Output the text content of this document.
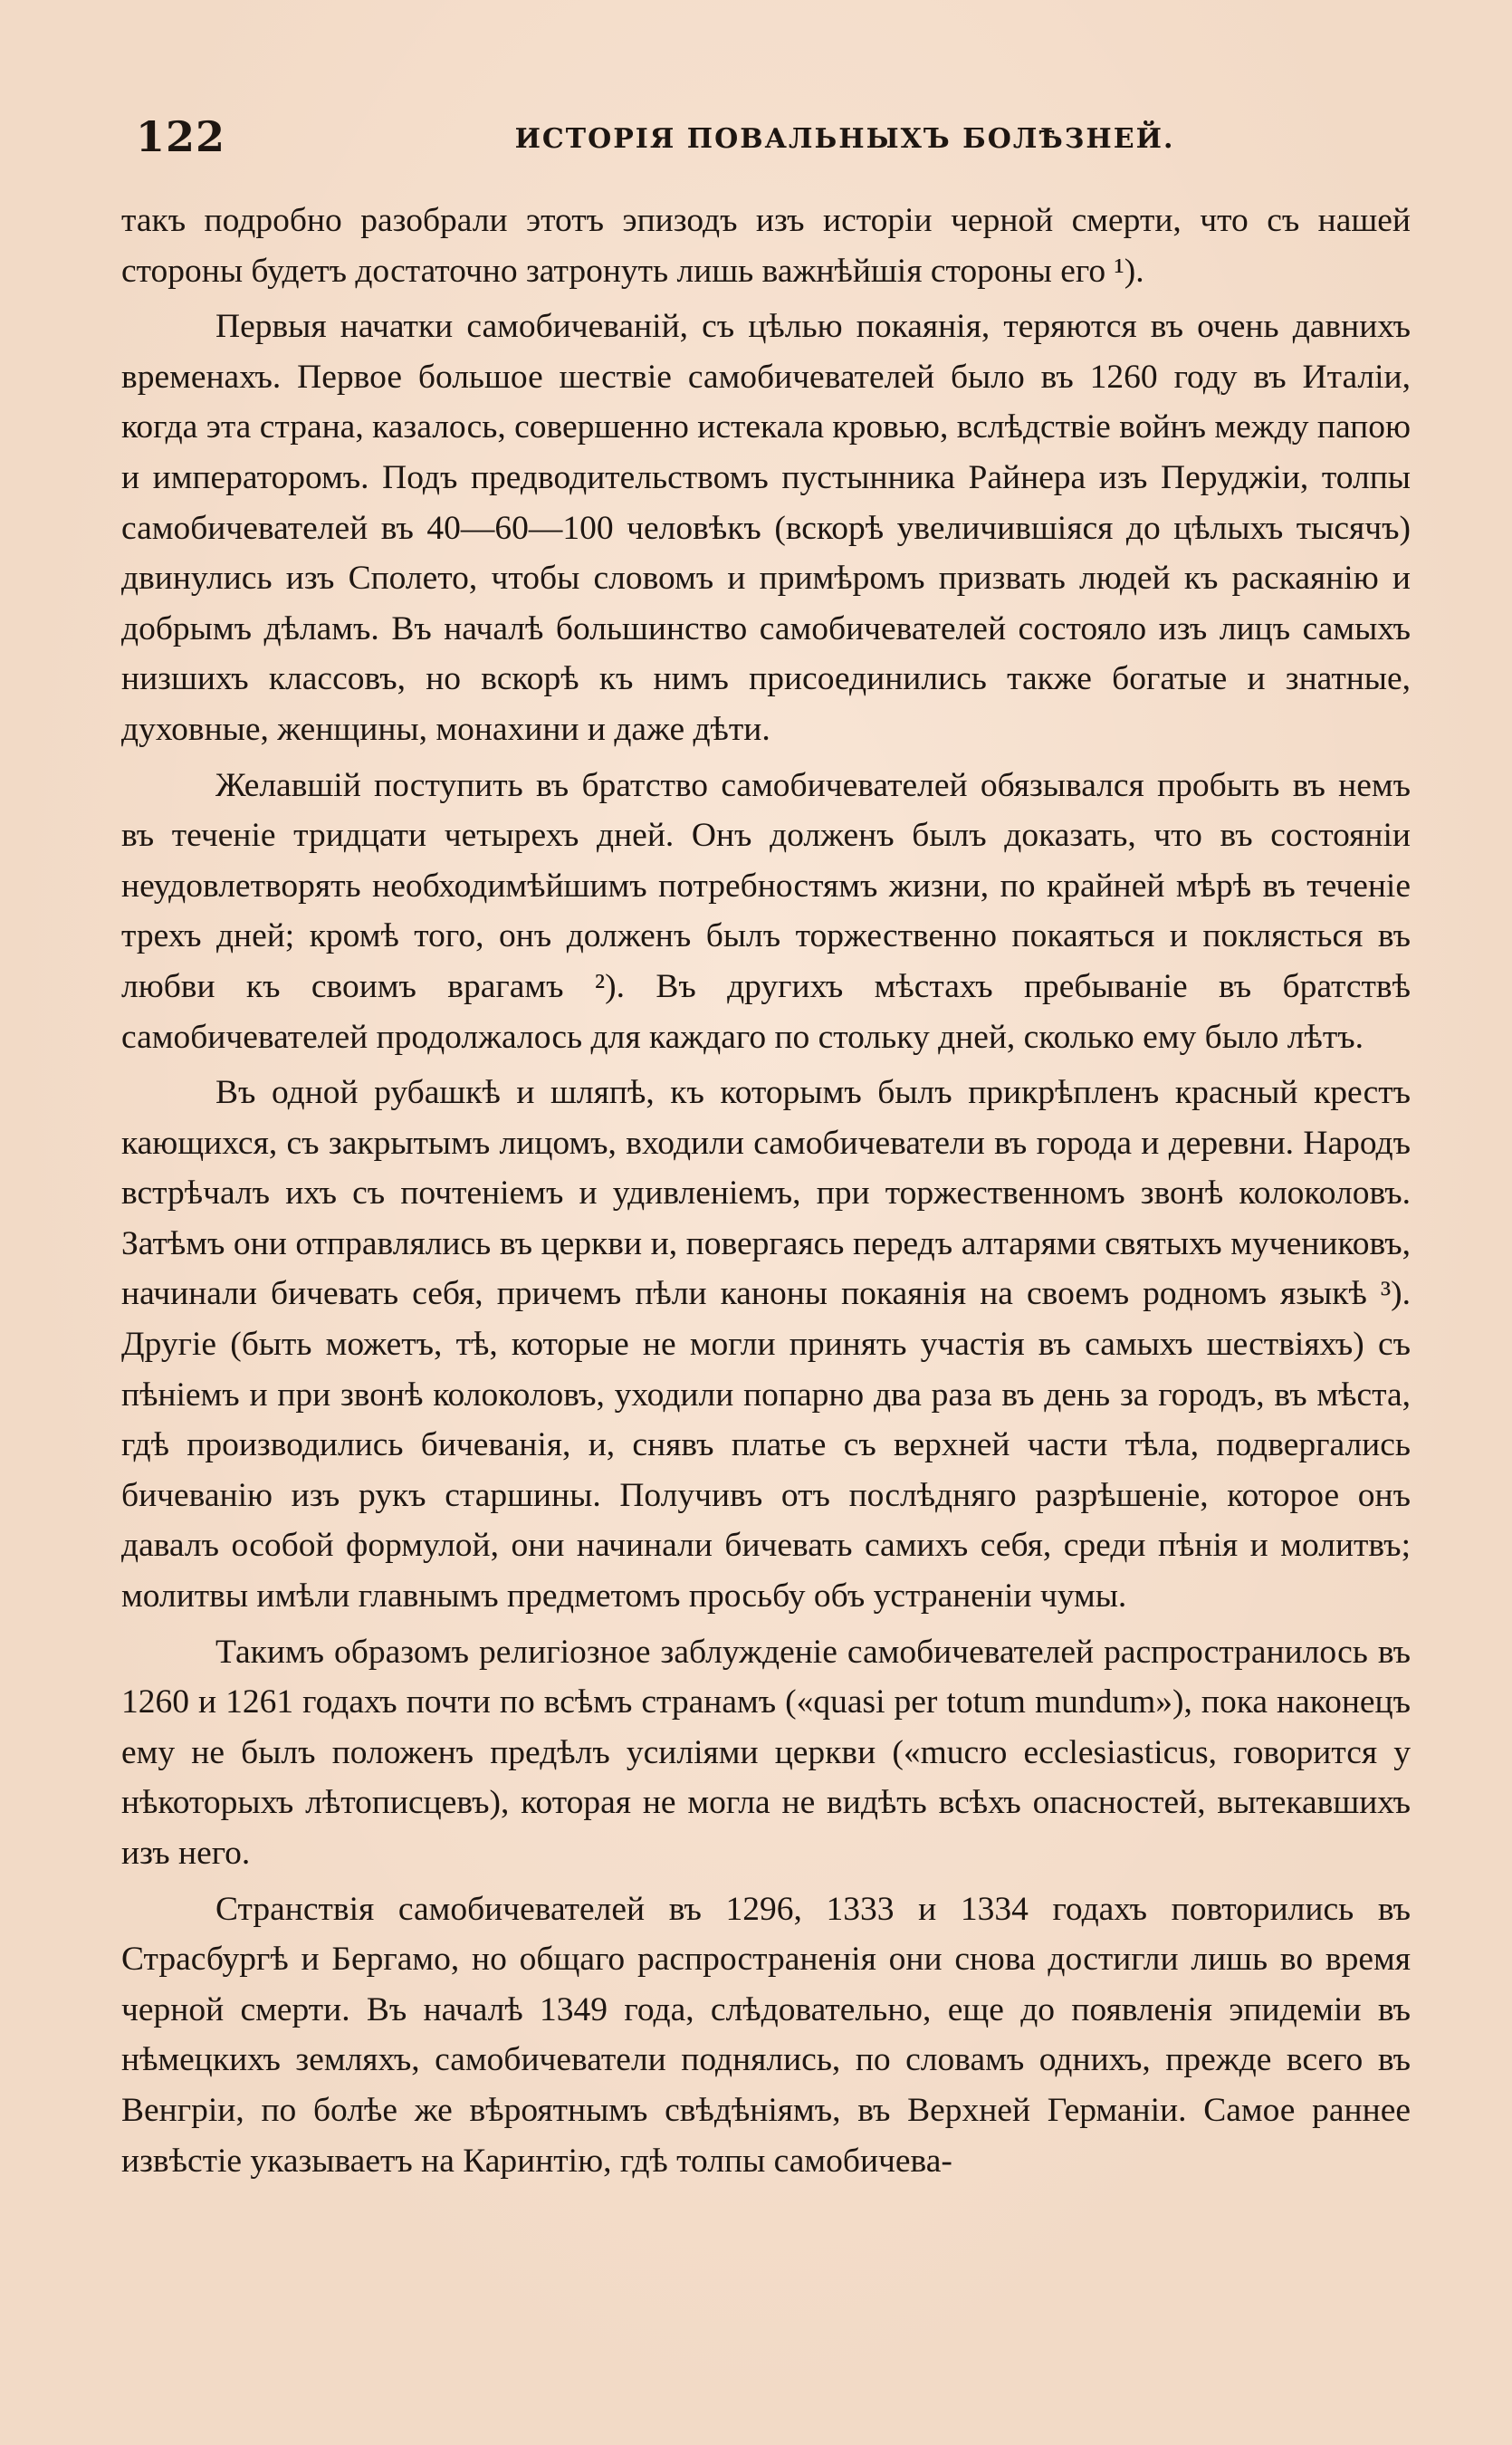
122	ИСТОРІЯ ПОВАЛЬНЫХЪ БОЛѢЗНЕЙ.

такъ подробно разобрали этотъ эпизодъ изъ исторіи черной смерти, что съ нашей стороны будетъ достаточно затронуть лишь важнѣйшія стороны его ¹).

Первыя начатки самобичеваній, съ цѣлью покаянія, теряются въ очень давнихъ временахъ. Первое большое шествіе самобичевателей было въ 1260 году въ Италіи, когда эта страна, казалось, совершенно истекала кровью, вслѣдствіе войнъ между папою и императоромъ. Подъ предводительствомъ пустынника Райнера изъ Перуджіи, толпы самобичевателей въ 40—60—100 человѣкъ (вскорѣ увеличившіяся до цѣлыхъ тысячъ) двинулись изъ Сполето, чтобы словомъ и примѣромъ призвать людей къ раскаянію и добрымъ дѣламъ. Въ началѣ большинство самобичевателей состояло изъ лицъ самыхъ низшихъ классовъ, но вскорѣ къ нимъ присоединились также богатые и знатные, духовные, женщины, монахини и даже дѣти.

Желавшій поступить въ братство самобичевателей обязывался пробыть въ немъ въ теченіе тридцати четырехъ дней. Онъ долженъ былъ доказать, что въ состояніи неудовлетворять необходимѣйшимъ потребностямъ жизни, по крайней мѣрѣ въ теченіе трехъ дней; кромѣ того, онъ долженъ былъ торжественно покаяться и поклясться въ любви къ своимъ врагамъ ²). Въ другихъ мѣстахъ пребываніе въ братствѣ самобичевателей продолжалось для каждаго по стольку дней, сколько ему было лѣтъ.

Въ одной рубашкѣ и шляпѣ, къ которымъ былъ прикрѣпленъ красный крестъ кающихся, съ закрытымъ лицомъ, входили самобичеватели въ города и деревни. Народъ встрѣчалъ ихъ съ почтеніемъ и удивленіемъ, при торжественномъ звонѣ колоколовъ. Затѣмъ они отправлялись въ церкви и, повергаясь передъ алтарями святыхъ мучениковъ, начинали бичевать себя, причемъ пѣли каноны покаянія на своемъ родномъ языкѣ ³). Другіе (быть можетъ, тѣ, которые не могли принять участія въ самыхъ шествіяхъ) съ пѣніемъ и при звонѣ колоколовъ, уходили попарно два раза въ день за городъ, въ мѣста, гдѣ производились бичеванія, и, снявъ платье съ верхней части тѣла, подвергались бичеванію изъ рукъ старшины. Получивъ отъ послѣдняго разрѣшеніе, которое онъ давалъ особой формулой, они начинали бичевать самихъ себя, среди пѣнія и молитвъ; молитвы имѣли главнымъ предметомъ просьбу объ устраненіи чумы.

Такимъ образомъ религіозное заблужденіе самобичевателей распространилось въ 1260 и 1261 годахъ почти по всѣмъ странамъ («quasi per totum mundum»), пока наконецъ ему не былъ положенъ предѣлъ усиліями церкви («mucro ecclesiasticus, говорится у нѣкоторыхъ лѣтописцевъ), которая не могла не видѣть всѣхъ опасностей, вытекавшихъ изъ него.

Странствія самобичевателей въ 1296, 1333 и 1334 годахъ повторились въ Страсбургѣ и Бергамо, но общаго распространенія они снова достигли лишь во время черной смерти. Въ началѣ 1349 года, слѣдовательно, еще до появленія эпидеміи въ нѣмецкихъ земляхъ, самобичеватели поднялись, по словамъ однихъ, прежде всего въ Венгріи, по болѣе же вѣроятнымъ свѣдѣніямъ, въ Верхней Германіи. Самое раннее извѣстіе указываетъ на Каринтію, гдѣ толпы самобичева-
